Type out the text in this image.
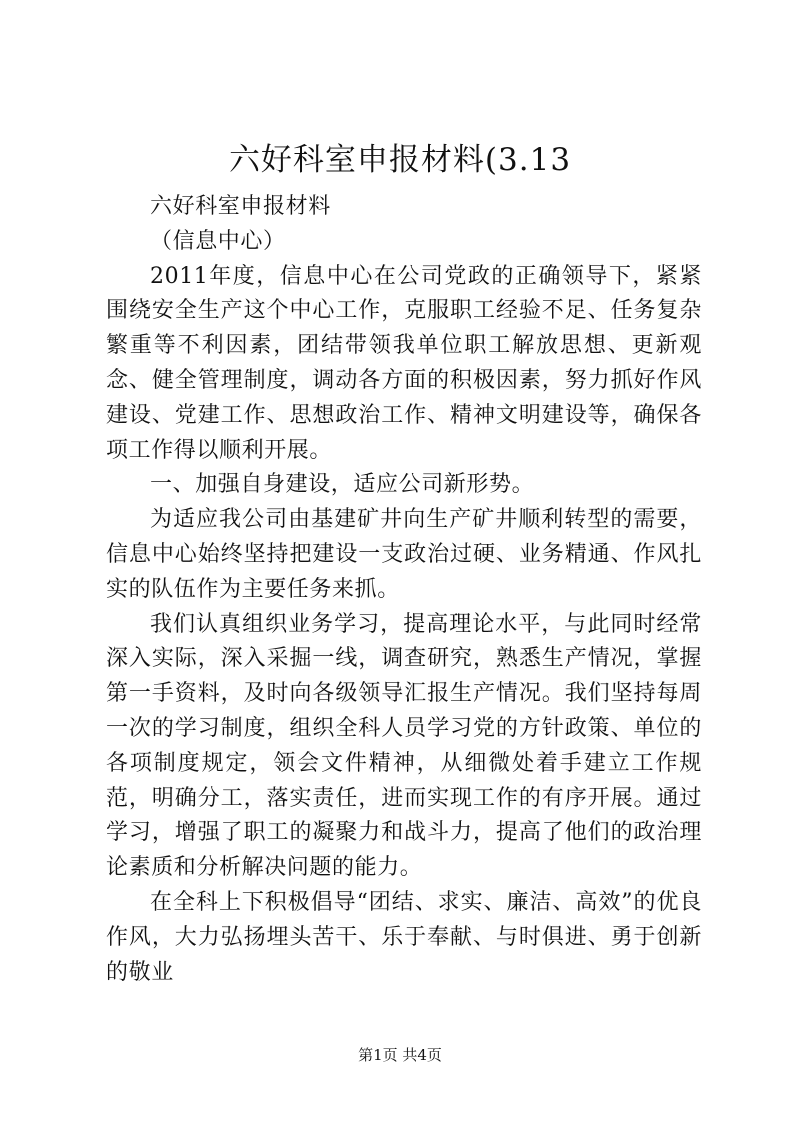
六好科室申报材料(3.13

六好科室申报材料

（信息中心）

2011年度，信息中心在公司党政的正确领导下，紧紧围绕安全生产这个中心工作，克服职工经验不足、任务复杂繁重等不利因素，团结带领我单位职工解放思想、更新观念、健全管理制度，调动各方面的积极因素，努力抓好作风建设、党建工作、思想政治工作、精神文明建设等，确保各项工作得以顺利开展。

一、加强自身建设，适应公司新形势。

为适应我公司由基建矿井向生产矿井顺利转型的需要，信息中心始终坚持把建设一支政治过硬、业务精通、作风扎实的队伍作为主要任务来抓。

我们认真组织业务学习，提高理论水平，与此同时经常深入实际，深入采掘一线，调查研究，熟悉生产情况，掌握第一手资料，及时向各级领导汇报生产情况。我们坚持每周一次的学习制度，组织全科人员学习党的方针政策、单位的各项制度规定，领会文件精神，从细微处着手建立工作规范，明确分工，落实责任，进而实现工作的有序开展。通过学习，增强了职工的凝聚力和战斗力，提高了他们的政治理论素质和分析解决问题的能力。

在全科上下积极倡导“团结、求实、廉洁、高效”的优良作风，大力弘扬埋头苦干、乐于奉献、与时俱进、勇于创新的敬业

第1页 共4页
